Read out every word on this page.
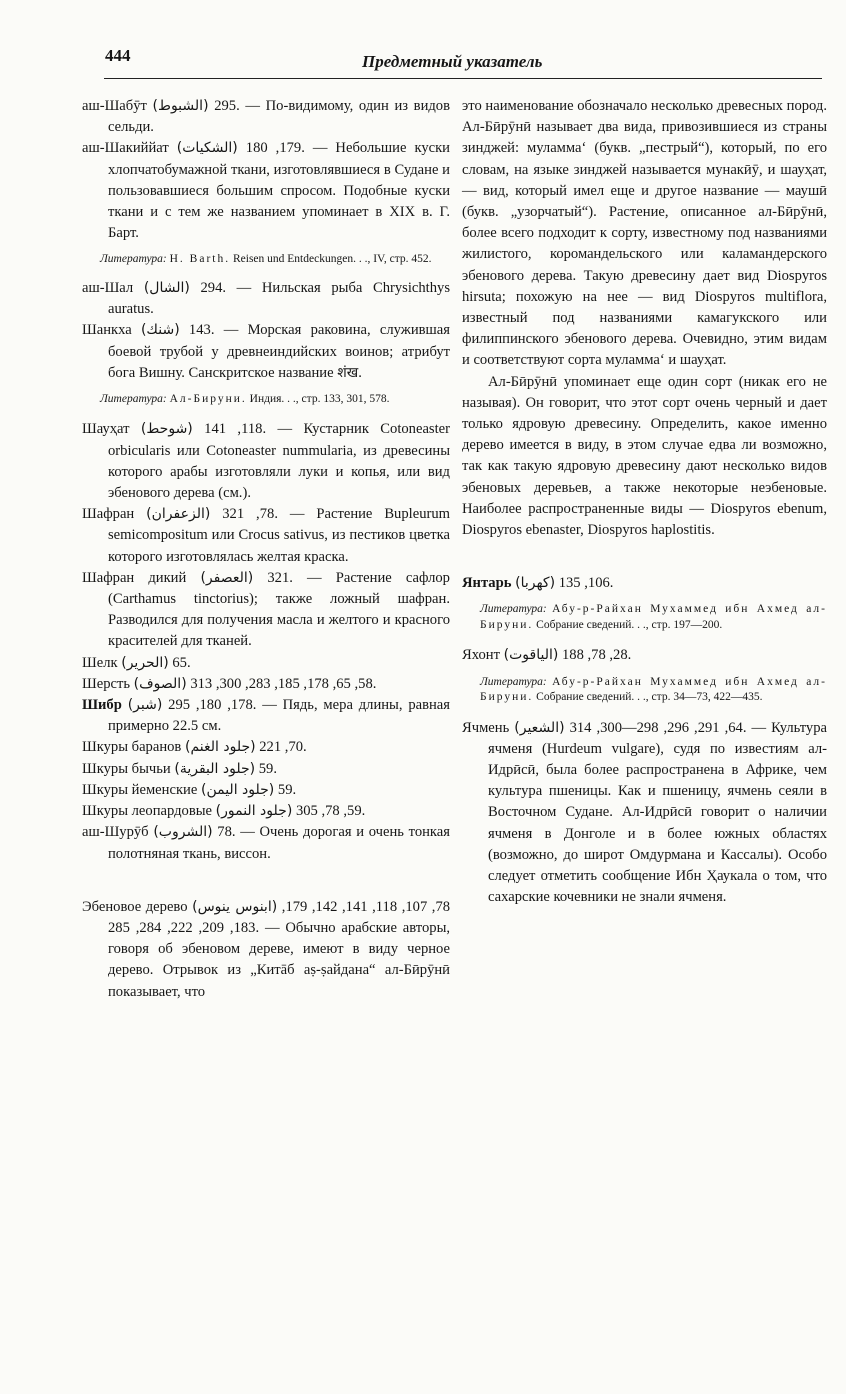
444	Предметный указатель

аш-Шабӯт (الشبوط) 295. — По-видимому, один из видов сельди.

аш-Шакиййат (الشكيات) 179, 180. — Небольшие куски хлопчатобумажной ткани, изготовлявшиеся в Судане и пользовавшиеся большим спросом. Подобные куски ткани и с тем же названием упоминает в XIX в. Г. Барт.

Литература: H. Barth. Reisen und Entdeckungen. . ., IV, стр. 452.

аш-Шал (الشال) 294. — Нильская рыба Chrysichthys auratus.

Шанкха (شنك) 143. — Морская раковина, служившая боевой трубой у древнеиндийских воинов; атрибут бога Вишну. Санскритское название शंख.

Литература: Ал-Бируни. Индия. . ., стр. 133, 301, 578.

Шауҳат (شوحط) 118, 141. — Кустарник Cotoneaster orbicularis или Cotoneaster nummularia, из древесины которого арабы изготовляли луки и копья, или вид эбенового дерева (см.).

Шафран (الزعفران) 78, 321. — Растение Bupleurum semicompositum или Crocus sativus, из пестиков цветка которого изготовлялась желтая краска.

Шафран дикий (العصفر) 321. — Растение сафлор (Carthamus tinctorius); также ложный шафран. Разводился для получения масла и желтого и красного красителей для тканей.

Шелк (الحرير) 65.

Шерсть (الصوف) 58, 65, 178, 185, 283, 300, 313.

Шибр (شبر) 178, 180, 295. — Пядь, мера длины, равная примерно 22.5 см.

Шкуры баранов (جلود الغنم) 70, 221.

Шкуры бычьи (جلود البقرية) 59.

Шкуры йеменские (جلود اليمن) 59.

Шкуры леопардовые (جلود النمور) 59, 78, 305.

аш-Шурӯб (الشروب) 78. — Очень дорогая и очень тонкая полотняная ткань, виссон.

Эбеновое дерево (ابنوس ينوس) 78, 107, 118, 141, 142, 179, 183, 209, 222, 284, 285. — Обычно арабские авторы, говоря об эбеновом дереве, имеют в виду черное дерево. Отрывок из „Китāб аṣ-ṣайдана“ ал-Бӣрӯнӣ показывает, что

это наименование обозначало несколько древесных пород. Ал-Бӣрӯнӣ называет два вида, привозившиеся из страны зинджей: муламма‘ (букв. „пестрый“), который, по его словам, на языке зинджей называется мунакӣӯ, и шауҳат, — вид, который имел еще и другое название — маушӣ (букв. „узорчатый“). Растение, описанное ал-Бӣрӯнӣ, более всего подходит к сорту, известному под названиями жилистого, коромандельского или каламандерского эбенового дерева. Такую древесину дает вид Diospyros hirsuta; похожую на нее — вид Diospyros multiflora, известный под названиями камагукского или филиппинского эбенового дерева. Очевидно, этим видам и соответствуют сорта муламма‘ и шауҳат.

Ал-Бӣрӯнӣ упоминает еще один сорт (никак его не называя). Он говорит, что этот сорт очень черный и дает только ядровую древесину. Определить, какое именно дерево имеется в виду, в этом случае едва ли возможно, так как такую ядровую древесину дают несколько видов эбеновых деревьев, а также некоторые неэбеновые. Наиболее распространенные виды — Diospyros ebenum, Diospyros ebenaster, Diospyros haplostitis.

Янтарь (كهربا) 106, 135.

Литература: Абу-р-Райхан Мухаммед ибн Ахмед ал-Бируни. Собрание сведений. . ., стр. 197—200.

Яхонт (الياقوت) 28, 78, 188.

Литература: Абу-р-Райхан Мухаммед ибн Ахмед ал-Бируни. Собрание сведений. . ., стр. 34—73, 422—435.

Ячмень (الشعير) 64, 291, 296, 298—300, 314. — Культура ячменя (Hurdeum vulgare), судя по известиям ал-Идрӣсӣ, была более распространена в Африке, чем культура пшеницы. Как и пшеницу, ячмень сеяли в Восточном Судане. Ал-Идрӣсӣ говорит о наличии ячменя в Донголе и в более южных областях (возможно, до широт Омдурмана и Кассалы). Особо следует отметить сообщение Ибн Ҳаукала о том, что сахарские кочевники не знали ячменя.
